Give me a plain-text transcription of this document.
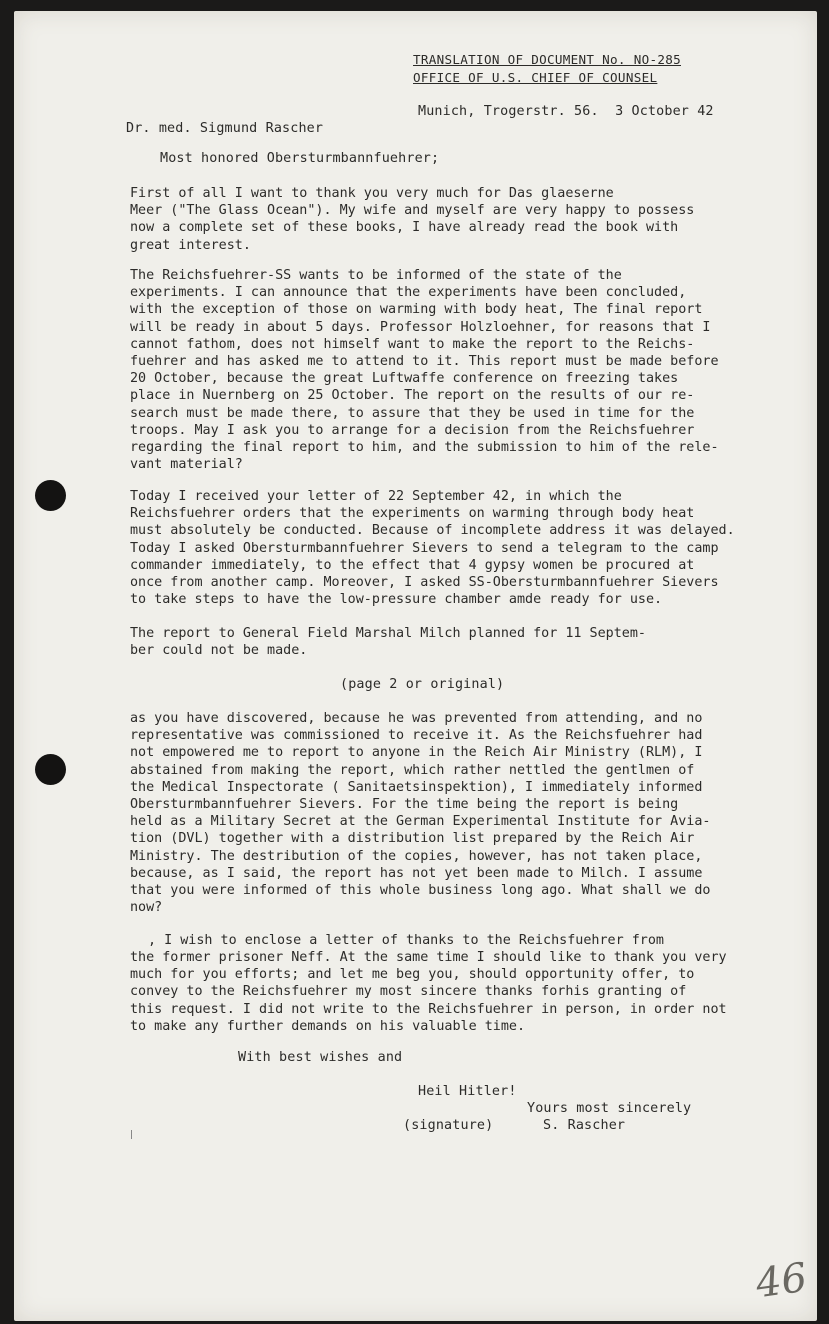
TRANSLATION OF DOCUMENT No. NO-285

OFFICE OF U.S. CHIEF OF COUNSEL

Munich, Trogerstr. 56.  3 October 42

Dr. med. Sigmund Rascher

Most honored Obersturmbannfuehrer;

First of all I want to thank you very much for Das glaeserne
Meer ("The Glass Ocean"). My wife and myself are very happy to possess
now a complete set of these books, I have already read the book with
great interest.
The Reichsfuehrer-SS wants to be informed of the state of the
experiments. I can announce that the experiments have been concluded,
with the exception of those on warming with body heat, The final report
will be ready in about 5 days. Professor Holzloehner, for reasons that I
cannot fathom, does not himself want to make the report to the Reichs-
fuehrer and has asked me to attend to it. This report must be made before
20 October, because the great Luftwaffe conference on freezing takes
place in Nuernberg on 25 October. The report on the results of our re-
search must be made there, to assure that they be used in time for the
troops. May I ask you to arrange for a decision from the Reichsfuehrer
regarding the final report to him, and the submission to him of the rele-
vant material?
Today I received your letter of 22 September 42, in which the
Reichsfuehrer orders that the experiments on warming through body heat
must absolutely be conducted. Because of incomplete address it was delayed.
Today I asked Obersturmbannfuehrer Sievers to send a telegram to the camp
commander immediately, to the effect that 4 gypsy women be procured at
once from another camp. Moreover, I asked SS-Obersturmbannfuehrer Sievers
to take steps to have the low-pressure chamber amde ready for use.
The report to General Field Marshal Milch planned for 11 Septem-
ber could not be made.

(page 2 or original)

as you have discovered, because he was prevented from attending, and no
representative was commissioned to receive it. As the Reichsfuehrer had
not empowered me to report to anyone in the Reich Air Ministry (RLM), I
abstained from making the report, which rather nettled the gentlmen of
the Medical Inspectorate ( Sanitaetsinspektion), I immediately informed
Obersturmbannfuehrer Sievers. For the time being the report is being
held as a Military Secret at the German Experimental Institute for Avia-
tion (DVL) together with a distribution list prepared by the Reich Air
Ministry. The destribution of the copies, however, has not taken place,
because, as I said, the report has not yet been made to Milch. I assume
that you were informed of this whole business long ago. What shall we do
now?
, I wish to enclose a letter of thanks to the Reichsfuehrer from
the former prisoner Neff. At the same time I should like to thank you very
much for you efforts; and let me beg you, should opportunity offer, to
convey to the Reichsfuehrer my most sincere thanks forhis granting of
this request. I did not write to the Reichsfuehrer in person, in order not
to make any further demands on his valuable time.

With best wishes and

Heil Hitler!

Yours most sincerely

(signature)	S. Rascher

46
